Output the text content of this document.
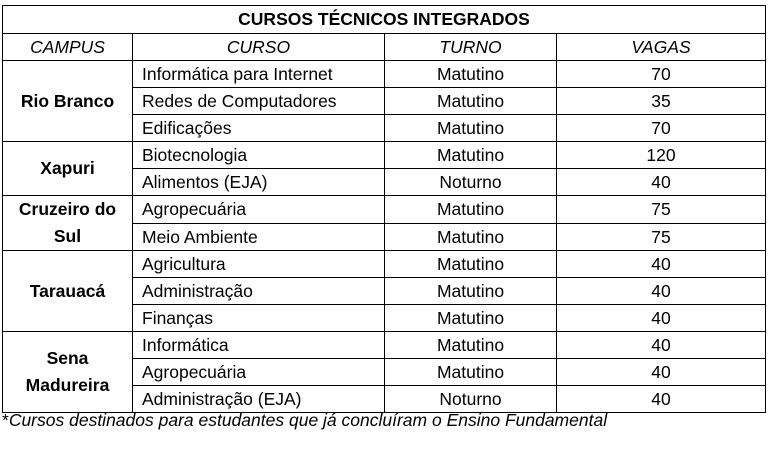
CURSOS TÉCNICOS INTEGRADOS			
CAMPUS	CURSO	TURNO	VAGAS

Rio Branco	Informática para Internet	Matutino	70
	Redes de Computadores	Matutino	35
	Edificações	Matutino	70

Xapuri	Biotecnologia	Matutino	120
	Alimentos (EJA)	Noturno	40

Cruzeiro do
Sul	Agropecuária	Matutino	75
	Meio Ambiente	Matutino	75

Tarauacá	Agricultura	Matutino	40
	Administração	Matutino	40
	Finanças	Matutino	40

Sena
Madureira	Informática	Matutino	40
	Agropecuária	Matutino	40
	Administração (EJA)	Noturno	40
*Cursos destinados para estudantes que já concluíram o Ensino Fundamental
